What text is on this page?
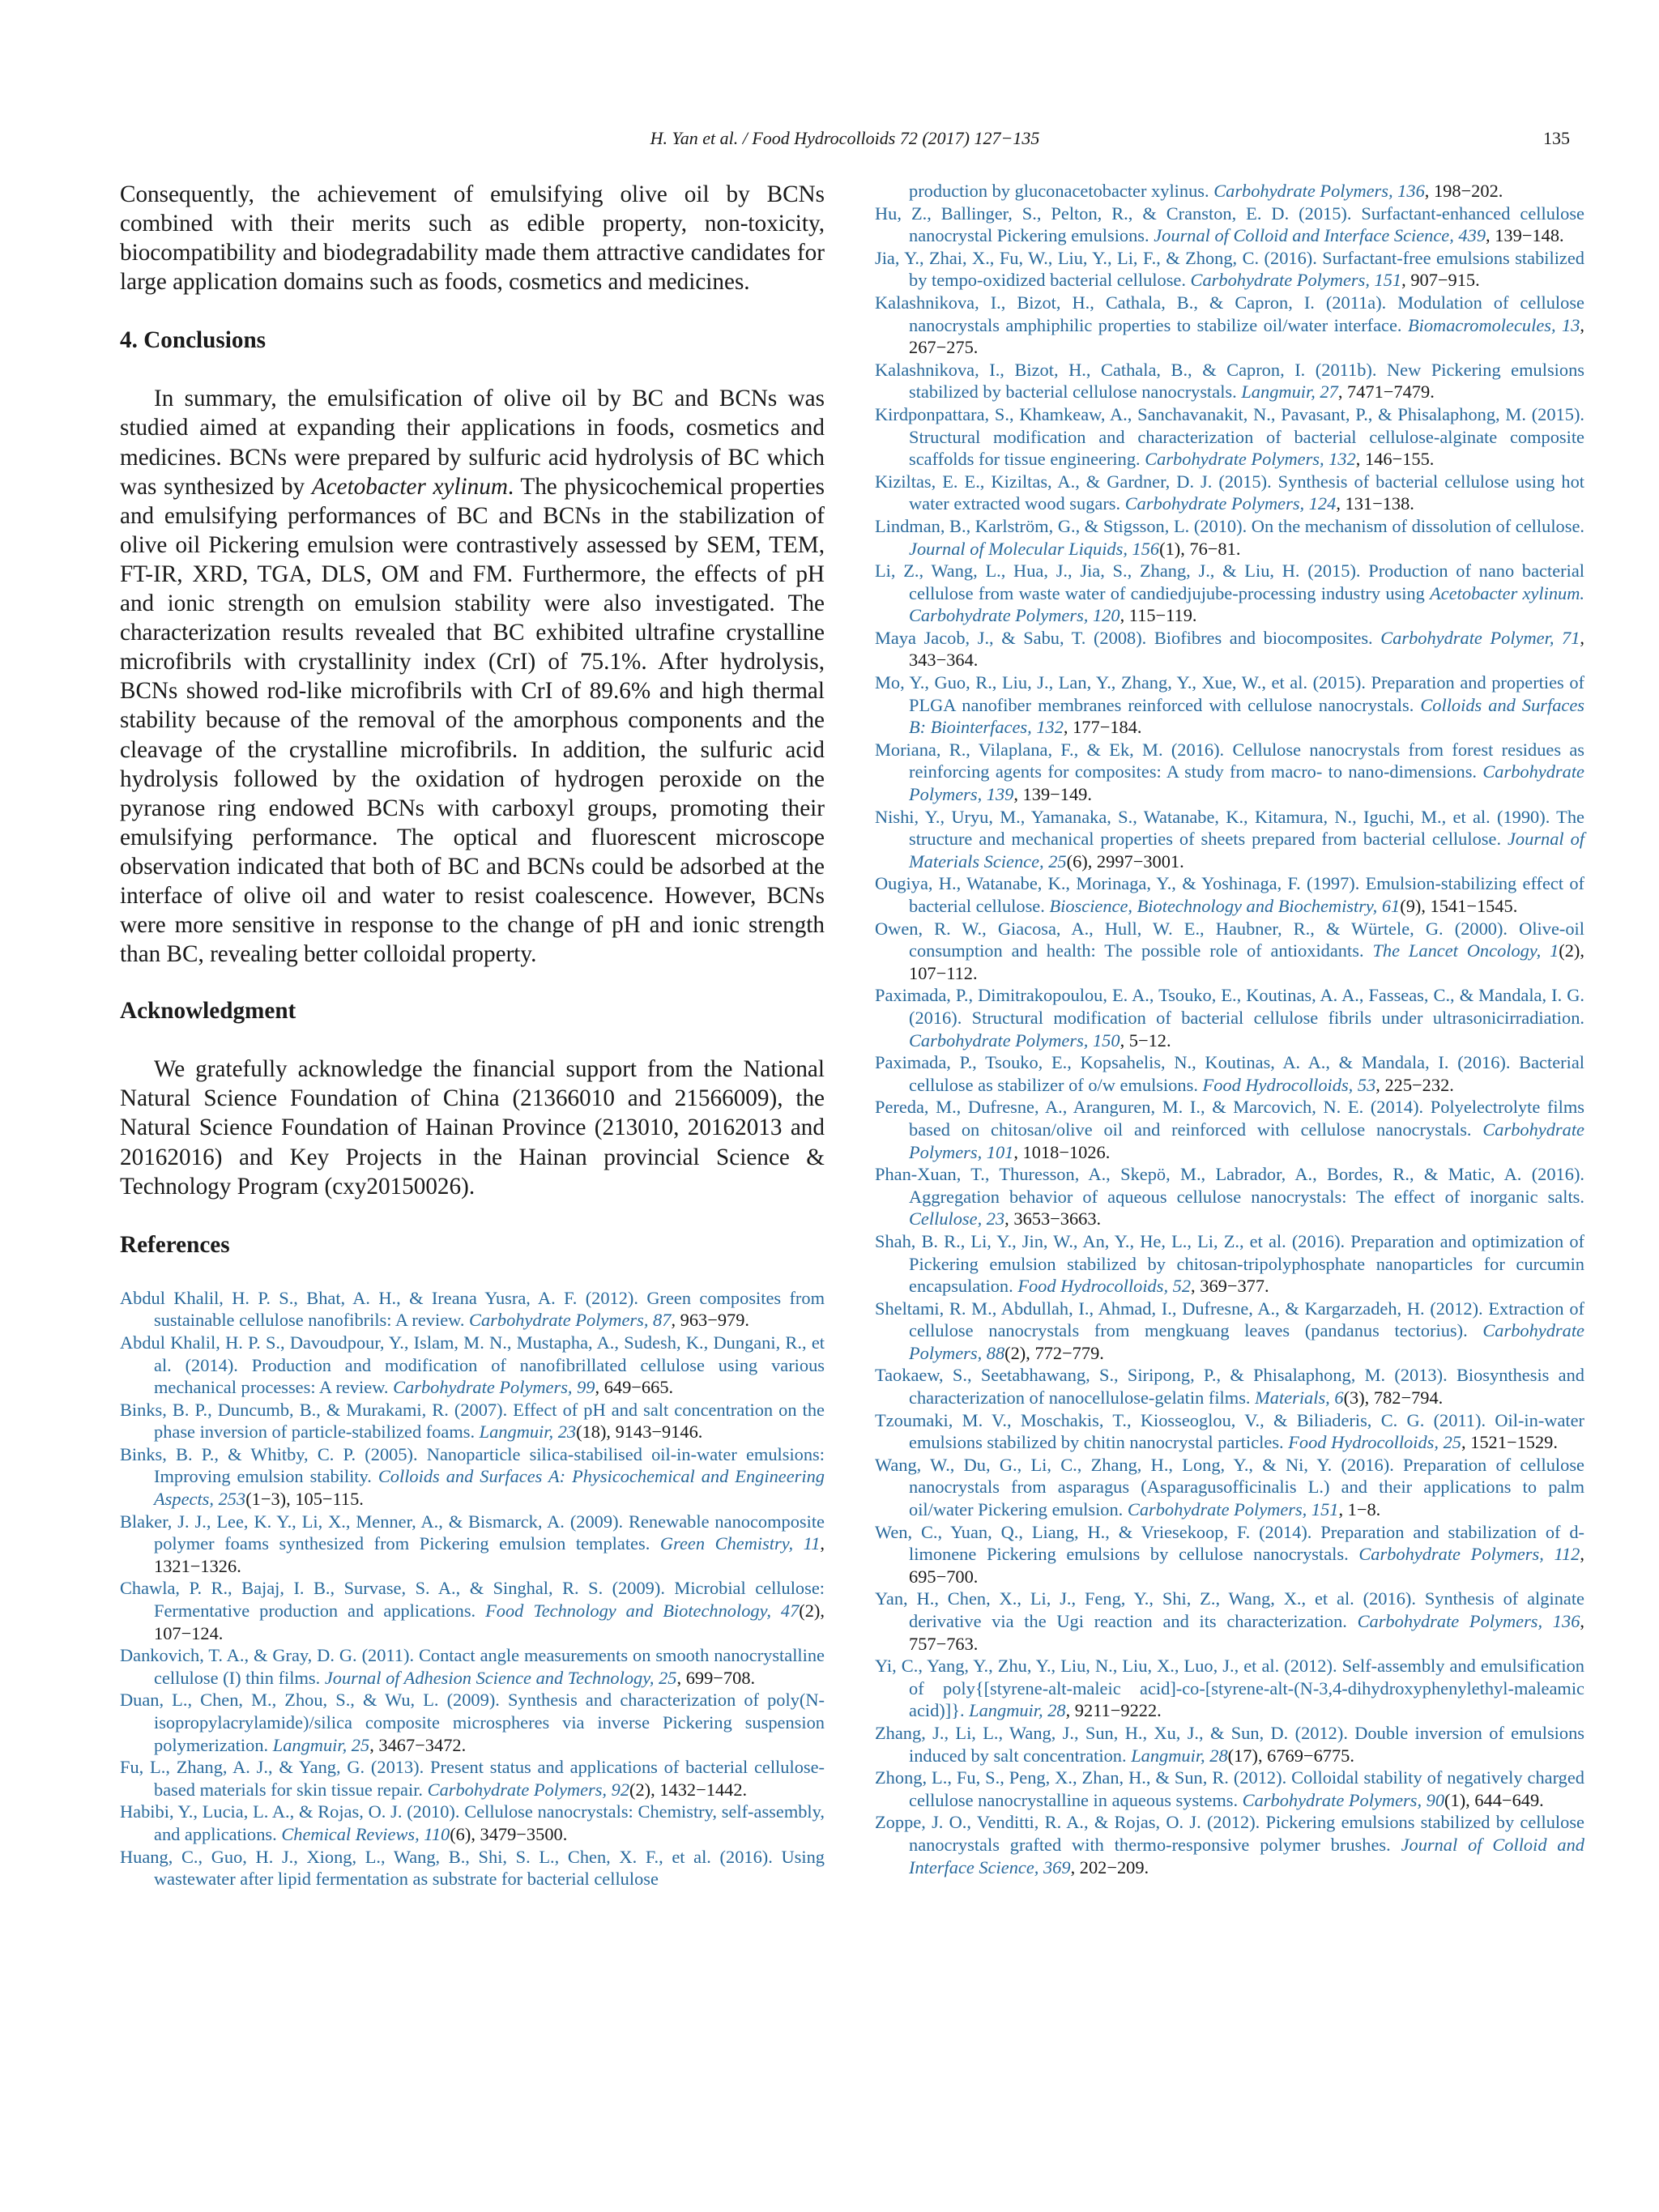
H. Yan et al. / Food Hydrocolloids 72 (2017) 127−135	135

Consequently, the achievement of emulsifying olive oil by BCNs combined with their merits such as edible property, non-toxicity, biocompatibility and biodegradability made them attractive candidates for large application domains such as foods, cosmetics and medicines.

4. Conclusions

In summary, the emulsification of olive oil by BC and BCNs was studied aimed at expanding their applications in foods, cosmetics and medicines. BCNs were prepared by sulfuric acid hydrolysis of BC which was synthesized by Acetobacter xylinum. The physicochemical properties and emulsifying performances of BC and BCNs in the stabilization of olive oil Pickering emulsion were contrastively assessed by SEM, TEM, FT-IR, XRD, TGA, DLS, OM and FM. Furthermore, the effects of pH and ionic strength on emulsion stability were also investigated. The characterization results revealed that BC exhibited ultrafine crystalline microfibrils with crystallinity index (CrI) of 75.1%. After hydrolysis, BCNs showed rod-like microfibrils with CrI of 89.6% and high thermal stability because of the removal of the amorphous components and the cleavage of the crystalline microfibrils. In addition, the sulfuric acid hydrolysis followed by the oxidation of hydrogen peroxide on the pyranose ring endowed BCNs with carboxyl groups, promoting their emulsifying performance. The optical and fluorescent microscope observation indicated that both of BC and BCNs could be adsorbed at the interface of olive oil and water to resist coalescence. However, BCNs were more sensitive in response to the change of pH and ionic strength than BC, revealing better colloidal property.

Acknowledgment

We gratefully acknowledge the financial support from the National Natural Science Foundation of China (21366010 and 21566009), the Natural Science Foundation of Hainan Province (213010, 20162013 and 20162016) and Key Projects in the Hainan provincial Science & Technology Program (cxy20150026).

References
Abdul Khalil, H. P. S., Bhat, A. H., & Ireana Yusra, A. F. (2012). Green composites from sustainable cellulose nanofibrils: A review. Carbohydrate Polymers, 87, 963−979.
Abdul Khalil, H. P. S., Davoudpour, Y., Islam, M. N., Mustapha, A., Sudesh, K., Dungani, R., et al. (2014). Production and modification of nanofibrillated cellulose using various mechanical processes: A review. Carbohydrate Polymers, 99, 649−665.
Binks, B. P., Duncumb, B., & Murakami, R. (2007). Effect of pH and salt concentration on the phase inversion of particle-stabilized foams. Langmuir, 23(18), 9143−9146.
Binks, B. P., & Whitby, C. P. (2005). Nanoparticle silica-stabilised oil-in-water emulsions: Improving emulsion stability. Colloids and Surfaces A: Physicochemical and Engineering Aspects, 253(1−3), 105−115.
Blaker, J. J., Lee, K. Y., Li, X., Menner, A., & Bismarck, A. (2009). Renewable nanocomposite polymer foams synthesized from Pickering emulsion templates. Green Chemistry, 11, 1321−1326.
Chawla, P. R., Bajaj, I. B., Survase, S. A., & Singhal, R. S. (2009). Microbial cellulose: Fermentative production and applications. Food Technology and Biotechnology, 47(2), 107−124.
Dankovich, T. A., & Gray, D. G. (2011). Contact angle measurements on smooth nanocrystalline cellulose (I) thin films. Journal of Adhesion Science and Technology, 25, 699−708.
Duan, L., Chen, M., Zhou, S., & Wu, L. (2009). Synthesis and characterization of poly(N-isopropylacrylamide)/silica composite microspheres via inverse Pickering suspension polymerization. Langmuir, 25, 3467−3472.
Fu, L., Zhang, A. J., & Yang, G. (2013). Present status and applications of bacterial cellulose-based materials for skin tissue repair. Carbohydrate Polymers, 92(2), 1432−1442.
Habibi, Y., Lucia, L. A., & Rojas, O. J. (2010). Cellulose nanocrystals: Chemistry, self-assembly, and applications. Chemical Reviews, 110(6), 3479−3500.
Huang, C., Guo, H. J., Xiong, L., Wang, B., Shi, S. L., Chen, X. F., et al. (2016). Using wastewater after lipid fermentation as substrate for bacterial cellulose
production by gluconacetobacter xylinus. Carbohydrate Polymers, 136, 198−202.
Hu, Z., Ballinger, S., Pelton, R., & Cranston, E. D. (2015). Surfactant-enhanced cellulose nanocrystal Pickering emulsions. Journal of Colloid and Interface Science, 439, 139−148.
Jia, Y., Zhai, X., Fu, W., Liu, Y., Li, F., & Zhong, C. (2016). Surfactant-free emulsions stabilized by tempo-oxidized bacterial cellulose. Carbohydrate Polymers, 151, 907−915.
Kalashnikova, I., Bizot, H., Cathala, B., & Capron, I. (2011a). Modulation of cellulose nanocrystals amphiphilic properties to stabilize oil/water interface. Biomacromolecules, 13, 267−275.
Kalashnikova, I., Bizot, H., Cathala, B., & Capron, I. (2011b). New Pickering emulsions stabilized by bacterial cellulose nanocrystals. Langmuir, 27, 7471−7479.
Kirdponpattara, S., Khamkeaw, A., Sanchavanakit, N., Pavasant, P., & Phisalaphong, M. (2015). Structural modification and characterization of bacterial cellulose-alginate composite scaffolds for tissue engineering. Carbohydrate Polymers, 132, 146−155.
Kiziltas, E. E., Kiziltas, A., & Gardner, D. J. (2015). Synthesis of bacterial cellulose using hot water extracted wood sugars. Carbohydrate Polymers, 124, 131−138.
Lindman, B., Karlström, G., & Stigsson, L. (2010). On the mechanism of dissolution of cellulose. Journal of Molecular Liquids, 156(1), 76−81.
Li, Z., Wang, L., Hua, J., Jia, S., Zhang, J., & Liu, H. (2015). Production of nano bacterial cellulose from waste water of candiedjujube-processing industry using Acetobacter xylinum. Carbohydrate Polymers, 120, 115−119.
Maya Jacob, J., & Sabu, T. (2008). Biofibres and biocomposites. Carbohydrate Polymer, 71, 343−364.
Mo, Y., Guo, R., Liu, J., Lan, Y., Zhang, Y., Xue, W., et al. (2015). Preparation and properties of PLGA nanofiber membranes reinforced with cellulose nanocrystals. Colloids and Surfaces B: Biointerfaces, 132, 177−184.
Moriana, R., Vilaplana, F., & Ek, M. (2016). Cellulose nanocrystals from forest residues as reinforcing agents for composites: A study from macro- to nano-dimensions. Carbohydrate Polymers, 139, 139−149.
Nishi, Y., Uryu, M., Yamanaka, S., Watanabe, K., Kitamura, N., Iguchi, M., et al. (1990). The structure and mechanical properties of sheets prepared from bacterial cellulose. Journal of Materials Science, 25(6), 2997−3001.
Ougiya, H., Watanabe, K., Morinaga, Y., & Yoshinaga, F. (1997). Emulsion-stabilizing effect of bacterial cellulose. Bioscience, Biotechnology and Biochemistry, 61(9), 1541−1545.
Owen, R. W., Giacosa, A., Hull, W. E., Haubner, R., & Würtele, G. (2000). Olive-oil consumption and health: The possible role of antioxidants. The Lancet Oncology, 1(2), 107−112.
Paximada, P., Dimitrakopoulou, E. A., Tsouko, E., Koutinas, A. A., Fasseas, C., & Mandala, I. G. (2016). Structural modification of bacterial cellulose fibrils under ultrasonicirradiation. Carbohydrate Polymers, 150, 5−12.
Paximada, P., Tsouko, E., Kopsahelis, N., Koutinas, A. A., & Mandala, I. (2016). Bacterial cellulose as stabilizer of o/w emulsions. Food Hydrocolloids, 53, 225−232.
Pereda, M., Dufresne, A., Aranguren, M. I., & Marcovich, N. E. (2014). Polyelectrolyte films based on chitosan/olive oil and reinforced with cellulose nanocrystals. Carbohydrate Polymers, 101, 1018−1026.
Phan-Xuan, T., Thuresson, A., Skepö, M., Labrador, A., Bordes, R., & Matic, A. (2016). Aggregation behavior of aqueous cellulose nanocrystals: The effect of inorganic salts. Cellulose, 23, 3653−3663.
Shah, B. R., Li, Y., Jin, W., An, Y., He, L., Li, Z., et al. (2016). Preparation and optimization of Pickering emulsion stabilized by chitosan-tripolyphosphate nanoparticles for curcumin encapsulation. Food Hydrocolloids, 52, 369−377.
Sheltami, R. M., Abdullah, I., Ahmad, I., Dufresne, A., & Kargarzadeh, H. (2012). Extraction of cellulose nanocrystals from mengkuang leaves (pandanus tectorius). Carbohydrate Polymers, 88(2), 772−779.
Taokaew, S., Seetabhawang, S., Siripong, P., & Phisalaphong, M. (2013). Biosynthesis and characterization of nanocellulose-gelatin films. Materials, 6(3), 782−794.
Tzoumaki, M. V., Moschakis, T., Kiosseoglou, V., & Biliaderis, C. G. (2011). Oil-in-water emulsions stabilized by chitin nanocrystal particles. Food Hydrocolloids, 25, 1521−1529.
Wang, W., Du, G., Li, C., Zhang, H., Long, Y., & Ni, Y. (2016). Preparation of cellulose nanocrystals from asparagus (Asparagusofficinalis L.) and their applications to palm oil/water Pickering emulsion. Carbohydrate Polymers, 151, 1−8.
Wen, C., Yuan, Q., Liang, H., & Vriesekoop, F. (2014). Preparation and stabilization of d-limonene Pickering emulsions by cellulose nanocrystals. Carbohydrate Polymers, 112, 695−700.
Yan, H., Chen, X., Li, J., Feng, Y., Shi, Z., Wang, X., et al. (2016). Synthesis of alginate derivative via the Ugi reaction and its characterization. Carbohydrate Polymers, 136, 757−763.
Yi, C., Yang, Y., Zhu, Y., Liu, N., Liu, X., Luo, J., et al. (2012). Self-assembly and emulsification of poly{[styrene-alt-maleic acid]-co-[styrene-alt-(N-3,4-dihydroxyphenylethyl-maleamic acid)]}. Langmuir, 28, 9211−9222.
Zhang, J., Li, L., Wang, J., Sun, H., Xu, J., & Sun, D. (2012). Double inversion of emulsions induced by salt concentration. Langmuir, 28(17), 6769−6775.
Zhong, L., Fu, S., Peng, X., Zhan, H., & Sun, R. (2012). Colloidal stability of negatively charged cellulose nanocrystalline in aqueous systems. Carbohydrate Polymers, 90(1), 644−649.
Zoppe, J. O., Venditti, R. A., & Rojas, O. J. (2012). Pickering emulsions stabilized by cellulose nanocrystals grafted with thermo-responsive polymer brushes. Journal of Colloid and Interface Science, 369, 202−209.
